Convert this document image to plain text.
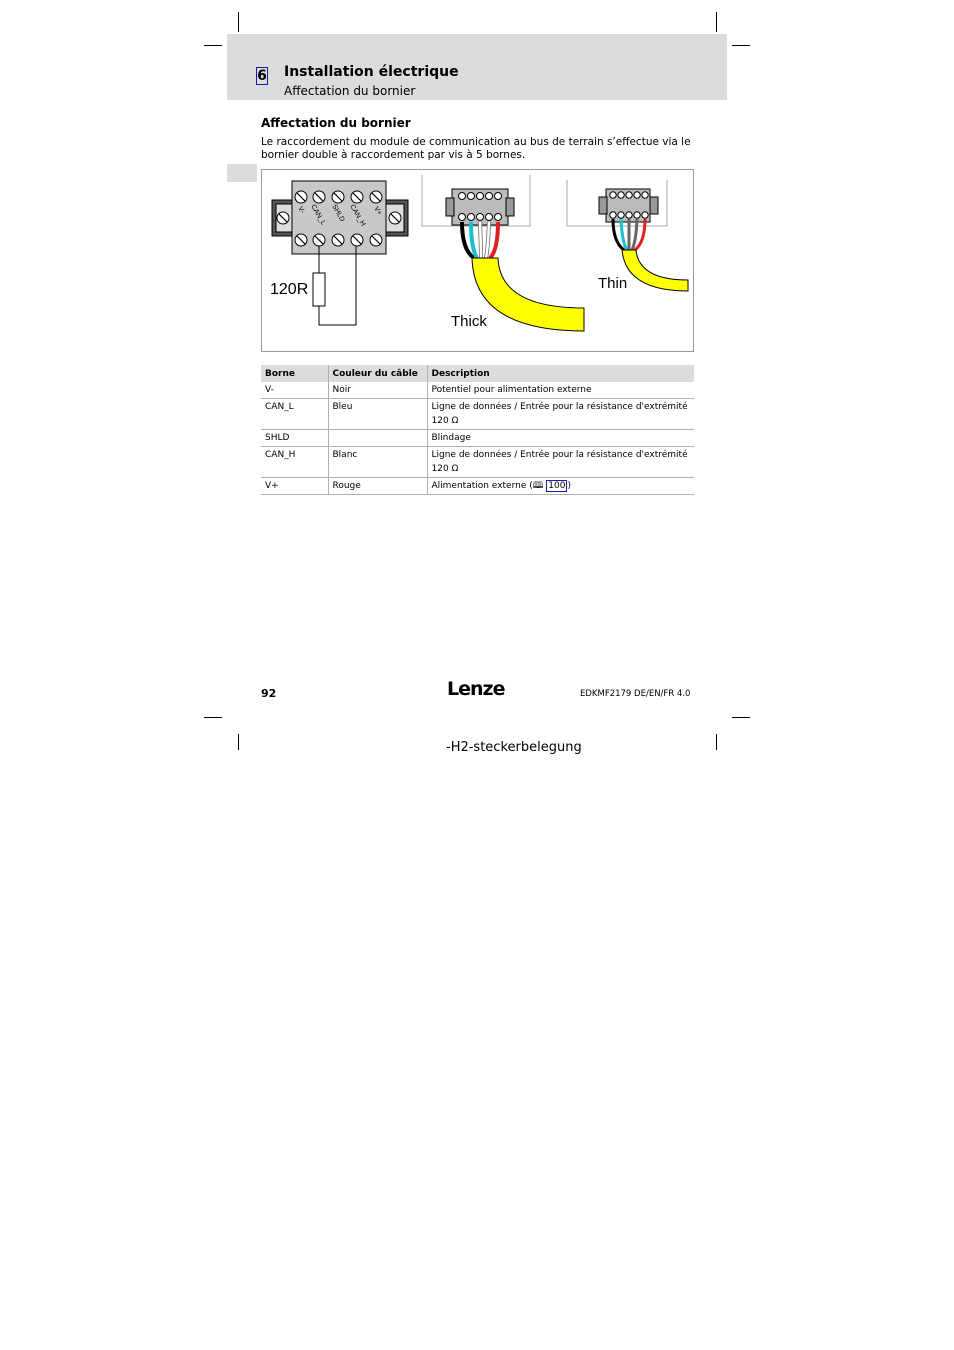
6 Installation électrique
Affectation du bornier
Affectation du bornier
Le raccordement du module de communication au bus de terrain s’effectue via le bornier double à raccordement par vis à 5 bornes.
V- CAN_L SHLD CAN_H V+
120R
Thick
Thin
Borne	Couleur du câble	Description
V-	Noir	Potentiel pour alimentation externe
CAN_L	Bleu	Ligne de données / Entrée pour la résistance d'extrémité
120 Ω
SHLD		Blindage
CAN_H	Blanc	Ligne de données / Entrée pour la résistance d'extrémité
120 Ω
V+	Rouge	Alimentation externe (🕮 100 )
92	Lenze	EDKMF2179 DE/EN/FR 4.0
-H2-steckerbelegung
